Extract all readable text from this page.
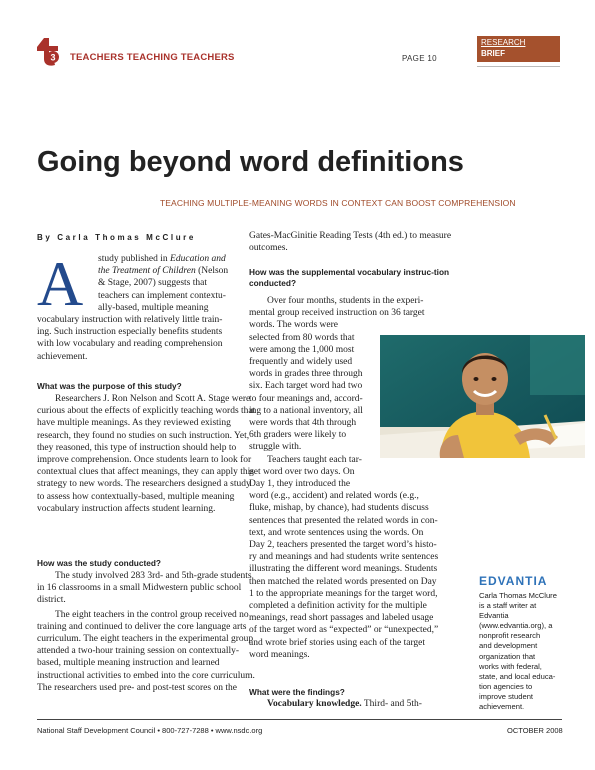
3 TEACHERS TEACHING TEACHERS	PAGE 10
RESEARCH
BRIEF
Going beyond word definitions
TEACHING MULTIPLE-MEANING WORDS IN CONTEXT CAN BOOST COMPREHENSION
By Carla Thomas McClure
A study published in Education and
the Treatment of Children (Nelson
& Stage, 2007) suggests that
teachers can implement contextu-
ally-based, multiple meaning
vocabulary instruction with relatively little train-
ing. Such instruction especially benefits students
with low vocabulary and reading comprehension
achievement.
What was the purpose of this study?

Researchers J. Ron Nelson and Scott A. Stage were curious about the effects of explicitly teaching words that have multiple meanings. As they reviewed existing research, they found no studies on such instruction. Yet, they reasoned, this type of instruction should help to improve comprehension. Once students learn to look for contextual clues that affect meanings, they can apply this strategy to new words. The researchers designed a study to assess how contextually-based, multiple meaning vocabulary instruction affects student learning.

How was the study conducted?

The study involved 283 3rd- and 5th-grade students in 16 classrooms in a small Midwestern public school district.

The eight teachers in the control group received no training and continued to deliver the core language arts curriculum. The eight teachers in the experimental group attended a two-hour training session on contextually-based, multiple meaning instruction and learned instructional activities to embed into the core curriculum. The researchers used pre- and post-test scores on the

Gates-MacGinitie Reading Tests (4th ed.) to measure outcomes.

How was the supplemental vocabulary instruc-tion conducted?
Over four months, students in the experi-
mental group received instruction on 36 target
words. The words were
selected from 80 words that
were among the 1,000 most
frequently and widely used
words in grades three through
six. Each target word had two
to four meanings and, accord-
ing to a national inventory, all
were words that 4th through
6th graders were likely to
struggle with.
Teachers taught each tar-
get word over two days. On
Day 1, they introduced the
word (e.g., accident) and related words (e.g.,
fluke, mishap, by chance), had students discuss
sentences that presented the related words in con-
text, and wrote sentences using the words. On
Day 2, teachers presented the target word’s histo-
ry and meanings and had students write sentences
illustrating the different word meanings. Students
then matched the related words presented on Day
1 to the appropriate meanings for the target word,
completed a definition activity for the multiple
meanings, read short passages and labeled usage
of the target word as “expected” or “unexpected,”
and wrote brief stories using each of the target
word meanings.
What were the findings?
Vocabulary knowledge. Third- and 5th-
EDVANTIA
Carla Thomas McClure
is a staff writer at
Edvantia
(www.edvantia.org), a
nonprofit research
and development
organization that
works with federal,
state, and local educa-
tion agencies to
improve student
achievement.
National Staff Development Council • 800-727-7288 • www.nsdc.org	OCTOBER 2008
